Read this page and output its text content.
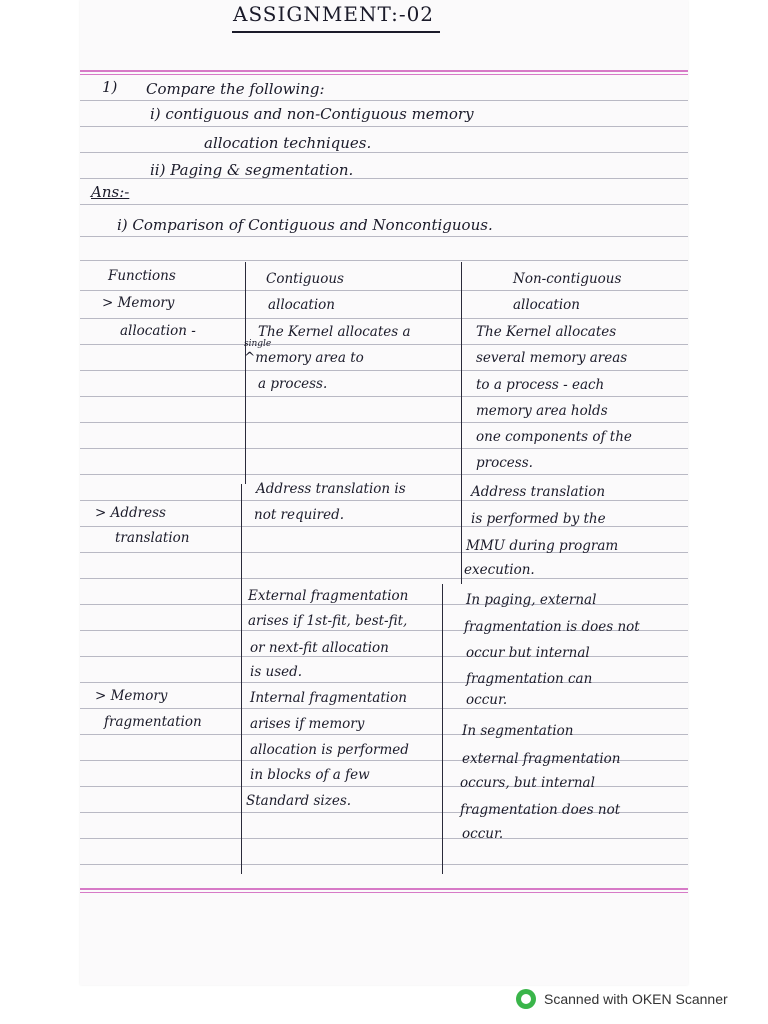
ASSIGNMENT:-02
1) Compare the following:
i) contiguous and non-Contiguous memory
allocation techniques.
ii) Paging & segmentation.
Ans:-
i) Comparison of Contiguous and Noncontiguous.
Functions	Contiguous
allocation
Non-contiguous
allocation
> Memory
allocation -	The Kernel allocates a
single
^memory area to
a process.
The Kernel allocates
several memory areas
to a process - each
memory area holds
one components of the
process.
> Address
translation
Address translation is
not required.
Address translation
is performed by the
MMU during program
execution.
> Memory
fragmentation
External fragmentation
arises if 1st-fit, best-fit,
or next-fit allocation
is used.
Internal fragmentation
arises if memory
allocation is performed
in blocks of a few
Standard sizes.
In paging, external
fragmentation is does not
occur but internal
fragmentation can
occur.
In segmentation
external fragmentation
occurs, but internal
fragmentation does not
occur.
Scanned with OKEN Scanner
